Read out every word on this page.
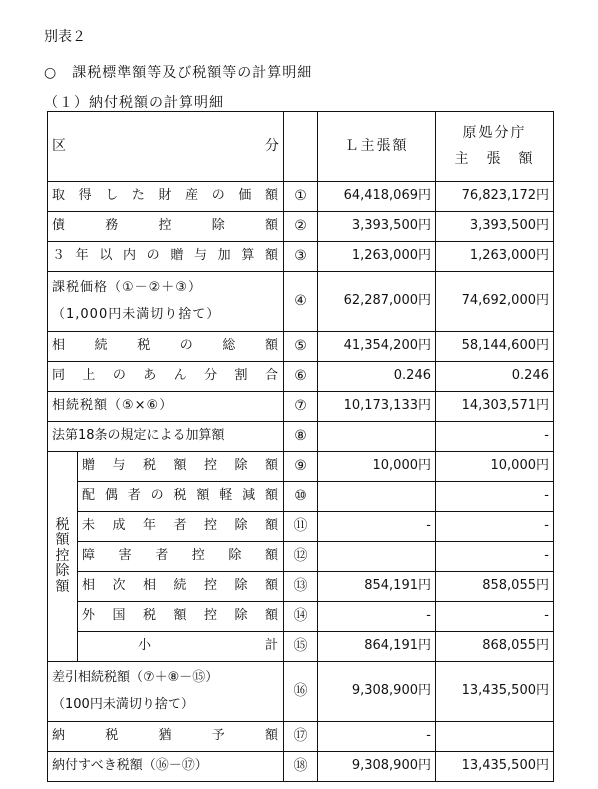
別表２
○　課税標準額等及び税額等の計算明細
（１）納付税額の計算明細
区　　　　　　　分			Ｌ主張額	原処分庁
主　張　額

取得した財産の価額		①	64,418,069円	76,823,172円
債務控除額		②	3,393,500円	3,393,500円
３年以内の贈与加算額		③	1,263,000円	1,263,000円

課税価格（①－②＋③）
（1,000円未満切り捨て）		④	62,287,000円	74,692,000円
相続税の総額		⑤	41,354,200円	58,144,600円
同上のあん分割合		⑥	0.246	0.246
相続税額（⑤×⑥）		⑦	10,173,133円	14,303,571円
法第18条の規定による加算額		⑧		-

税額控除額	贈与税額控除額	⑨	10,000円	10,000円
	配偶者の税額軽減額	⑩		-
	未成年者控除額	⑪	-	-
	障害者控除額	⑫		-
	相次相続控除額	⑬	854,191円	858,055円
	外国税額控除額	⑭	-	-
	小　　　　計	⑮	864,191円	868,055円

差引相続税額（⑦＋⑧－⑮）
（100円未満切り捨て）		⑯	9,308,900円	13,435,500円
納税猶予額		⑰	-	
納付すべき税額（⑯－⑰）		⑱	9,308,900円	13,435,500円
